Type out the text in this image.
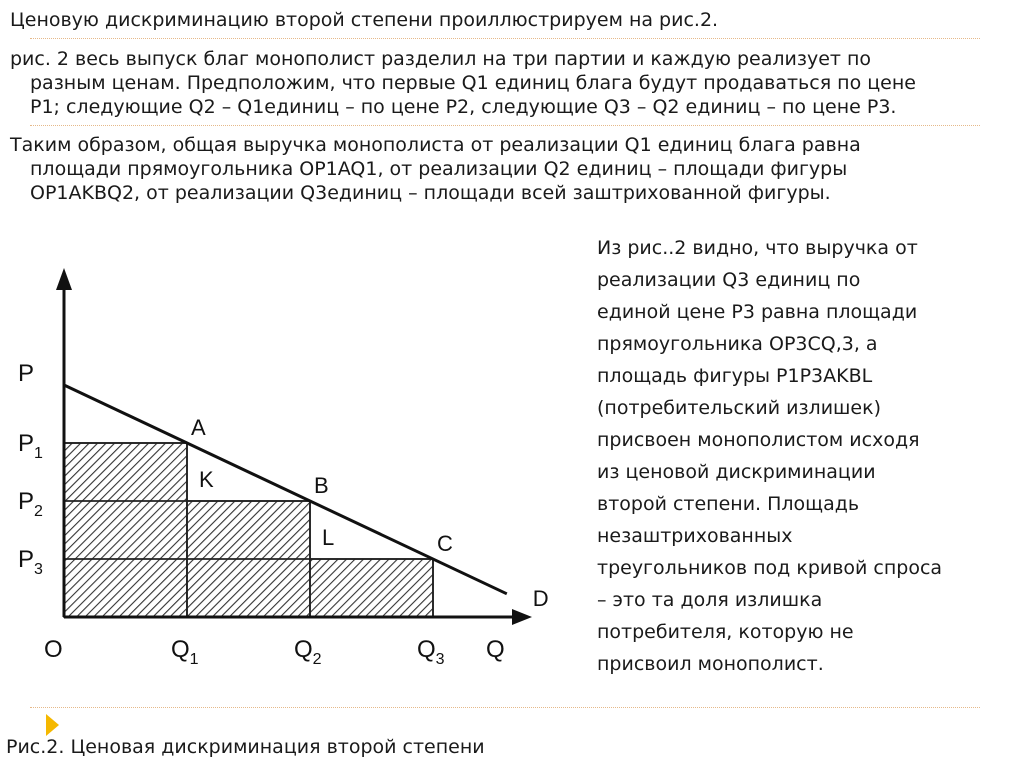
Ценовую дискриминацию второй степени проиллюстрируем на рис.2.
рис. 2 весь выпуск благ монополист разделил на три партии и каждую реализует по
разным ценам. Предположим, что первые Q1 единиц блага будут продаваться по цене
P1; следующие Q2 – Q1единиц – по цене P2, следующие Q3 – Q2 единиц – по цене P3.
Таким образом, общая выручка монополиста от реализации Q1 единиц блага равна
площади прямоугольника OP1AQ1, от реализации Q2 единиц – площади фигуры
OP1AKBQ2, от реализации Q3единиц – площади всей заштрихованной фигуры.
P
Q
O
D
$P_1$
$Q_1$
$P_2$
$Q_2$
$P_3$
$Q_3$
A
B
C
K
L
Из рис..2 видно, что выручка от
реализации Q3 единиц по
единой цене P3 равна площади
прямоугольника OP3CQ,3, а
площадь фигуры P1P3AKBL
(потребительский излишек)
присвоен монополистом исходя
из ценовой дискриминации
второй степени. Площадь
незаштрихованных
треугольников под кривой спроса
– это та доля излишка
потребителя, которую не
присвоил монополист.
Рис.2. Ценовая дискриминация второй степени
